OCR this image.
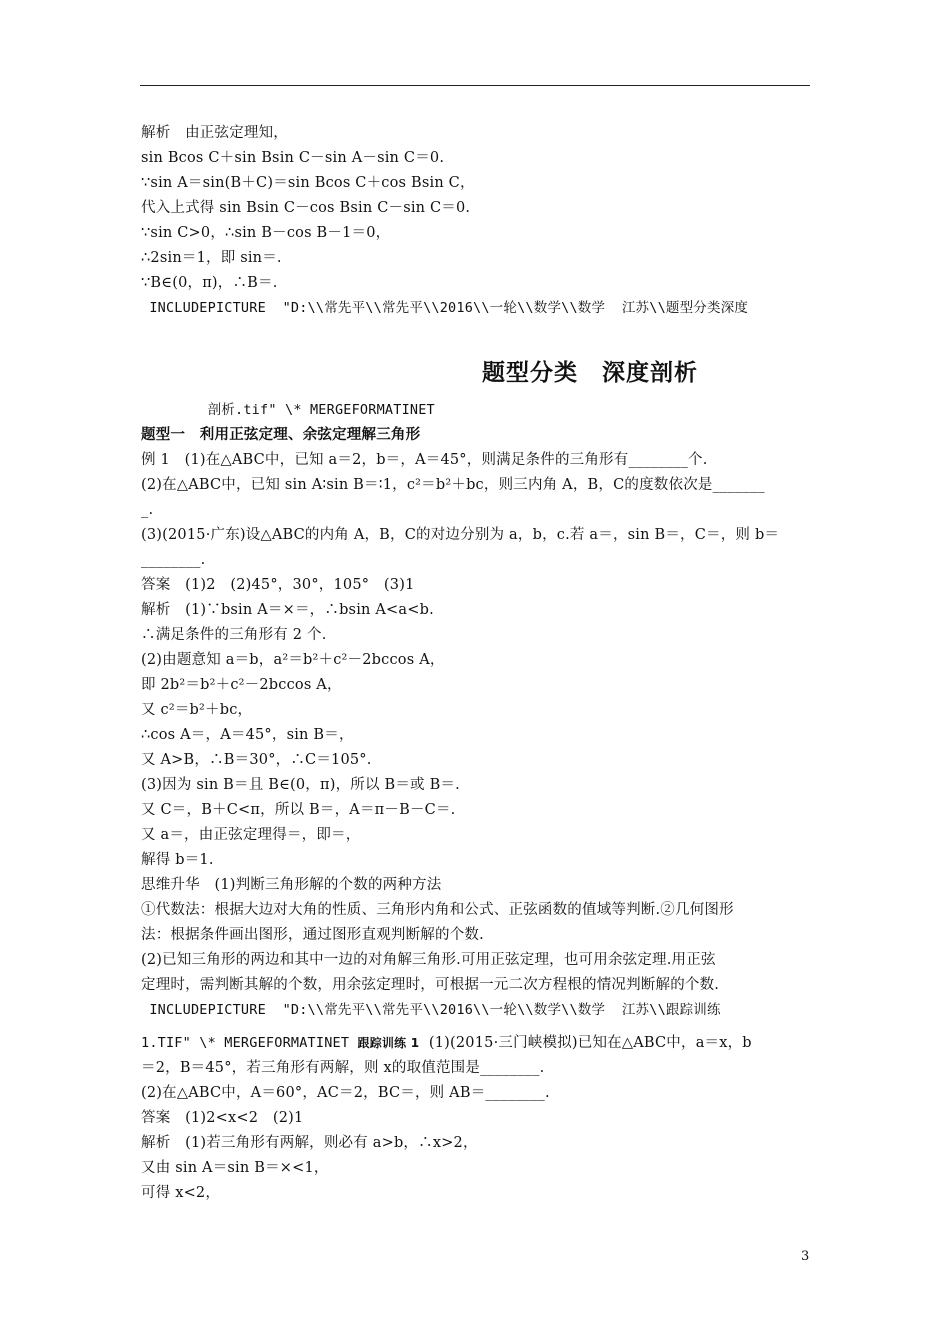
题型分类　深度剖析
解析　由正弦定理知，
sin Bcos C＋sin Bsin C－sin A－sin C＝0.
∵sin A＝sin(B＋C)＝sin Bcos C＋cos Bsin C，
代入上式得 sin Bsin C－cos Bsin C－sin C＝0.
∵sin C>0，∴sin B－cos B－1＝0，
∴2sin＝1，即 sin＝.
∵B∈(0，π)，∴B＝.
INCLUDEPICTURE  "D:\\常先平\\常先平\\2016\\一轮\\数学\\数学  江苏\\题型分类深度
剖析.tif" \* MERGEFORMATINET
题型一　利用正弦定理、余弦定理解三角形
例 1　(1)在△ABC中，已知 a＝2，b＝，A＝45°，则满足条件的三角形有________个.
(2)在△ABC中，已知 sin A∶sin B＝∶1，c²＝b²＋bc，则三内角 A，B，C的度数依次是_______
_.
(3)(2015·广东)设△ABC的内角 A，B，C的对边分别为 a，b，c.若 a＝，sin B＝，C＝，则 b＝
________.
答案　(1)2　(2)45°，30°，105°　(3)1
解析　(1)∵bsin A＝×＝，∴bsin A<a<b.
∴满足条件的三角形有 2 个.
(2)由题意知 a＝b，a²＝b²＋c²－2bccos A，
即 2b²＝b²＋c²－2bccos A，
又 c²＝b²＋bc，
∴cos A＝，A＝45°，sin B＝，
又 A>B，∴B＝30°，∴C＝105°.
(3)因为 sin B＝且 B∈(0，π)，所以 B＝或 B＝.
又 C＝，B＋C<π，所以 B＝，A＝π－B－C＝.
又 a＝，由正弦定理得＝，即＝，
解得 b＝1.
思维升华　(1)判断三角形解的个数的两种方法
①代数法：根据大边对大角的性质、三角形内角和公式、正弦函数的值域等判断.②几何图形
法：根据条件画出图形，通过图形直观判断解的个数.
(2)已知三角形的两边和其中一边的对角解三角形.可用正弦定理，也可用余弦定理.用正弦
定理时，需判断其解的个数，用余弦定理时，可根据一元二次方程根的情况判断解的个数.
INCLUDEPICTURE  "D:\\常先平\\常先平\\2016\\一轮\\数学\\数学  江苏\\跟踪训练
1.TIF" \* MERGEFORMATINET 跟踪训练 1  (1)(2015·三门峡模拟)已知在△ABC中，a＝x，b
＝2，B＝45°，若三角形有两解，则 x的取值范围是________.
(2)在△ABC中，A＝60°，AC＝2，BC＝，则 AB＝________.
答案　(1)2<x<2　(2)1
解析　(1)若三角形有两解，则必有 a>b，∴x>2，
又由 sin A＝sin B＝×<1，
可得 x<2，
3
